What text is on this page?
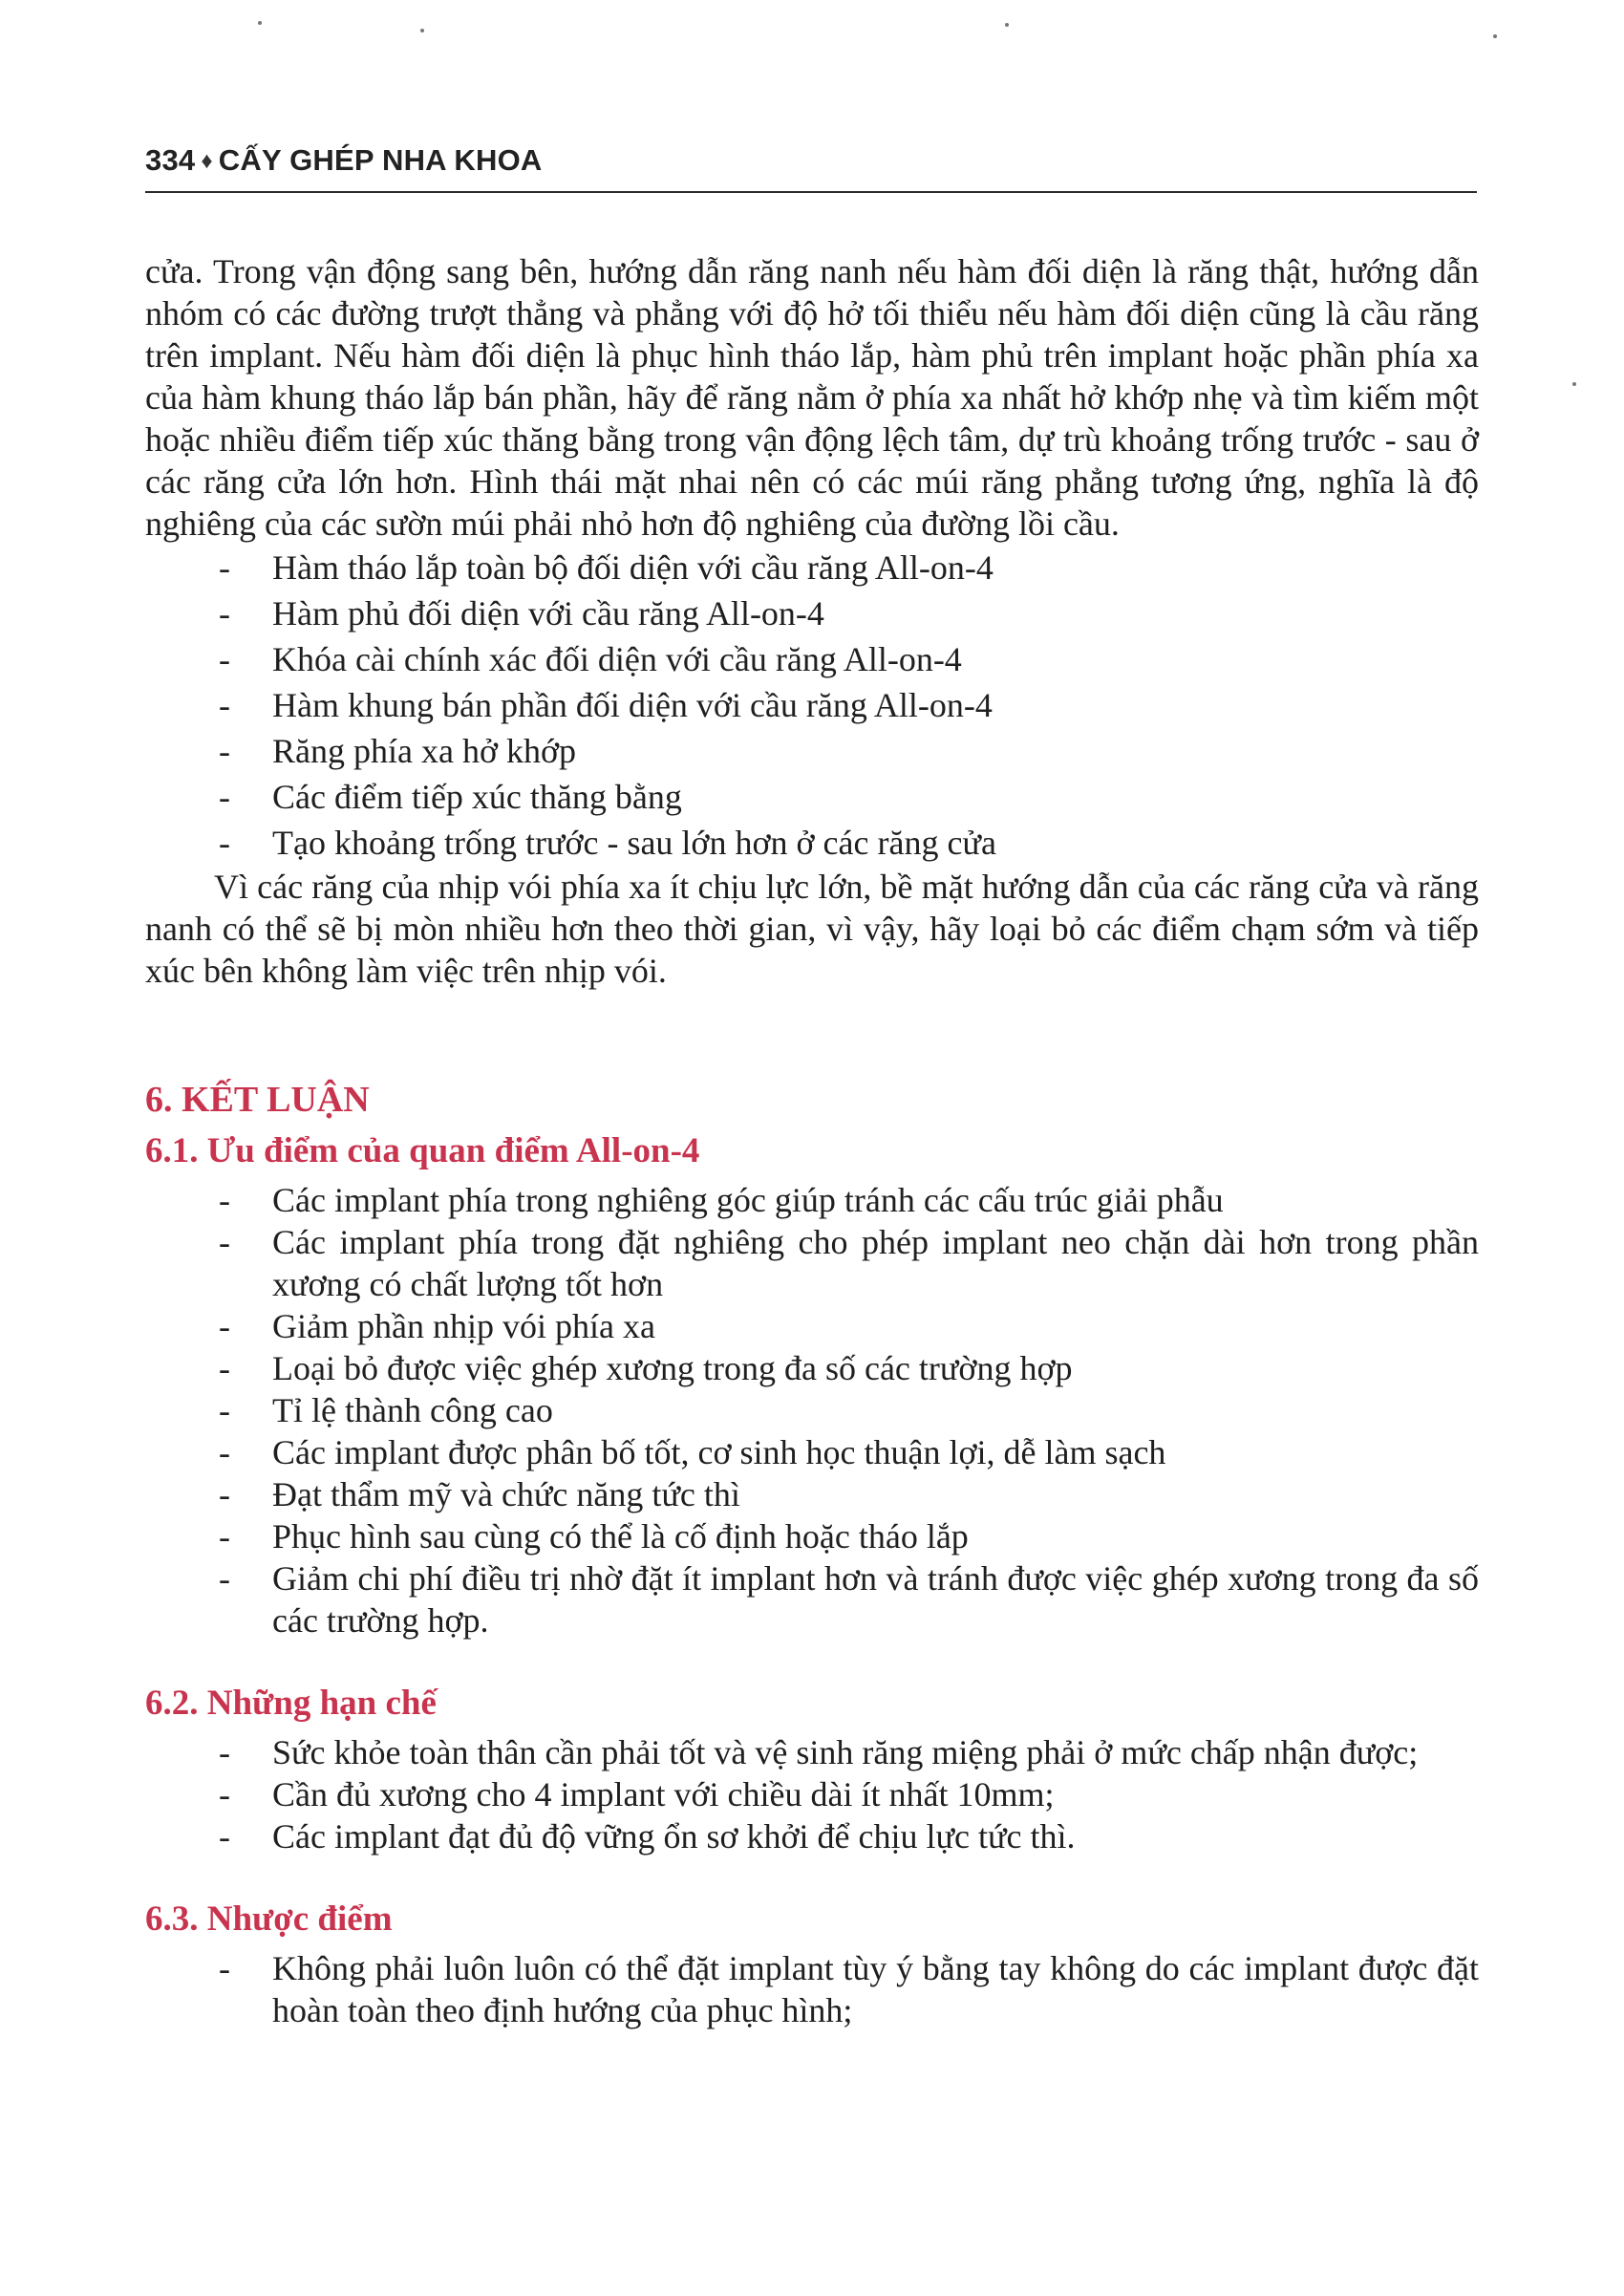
334 ♦ CẤY GHÉP NHA KHOA

cửa. Trong vận động sang bên, hướng dẫn răng nanh nếu hàm đối diện là răng thật, hướng dẫn nhóm có các đường trượt thẳng và phẳng với độ hở tối thiểu nếu hàm đối diện cũng là cầu răng trên implant. Nếu hàm đối diện là phục hình tháo lắp, hàm phủ trên implant hoặc phần phía xa của hàm khung tháo lắp bán phần, hãy để răng nằm ở phía xa nhất hở khớp nhẹ và tìm kiếm một hoặc nhiều điểm tiếp xúc thăng bằng trong vận động lệch tâm, dự trù khoảng trống trước - sau ở các răng cửa lớn hơn. Hình thái mặt nhai nên có các múi răng phẳng tương ứng, nghĩa là độ nghiêng của các sườn múi phải nhỏ hơn độ nghiêng của đường lồi cầu.

- Hàm tháo lắp toàn bộ đối diện với cầu răng All-on-4
- Hàm phủ đối diện với cầu răng All-on-4
- Khóa cài chính xác đối diện với cầu răng All-on-4
- Hàm khung bán phần đối diện với cầu răng All-on-4
- Răng phía xa hở khớp
- Các điểm tiếp xúc thăng bằng
- Tạo khoảng trống trước - sau lớn hơn ở các răng cửa

Vì các răng của nhịp vói phía xa ít chịu lực lớn, bề mặt hướng dẫn của các răng cửa và răng nanh có thể sẽ bị mòn nhiều hơn theo thời gian, vì vậy, hãy loại bỏ các điểm chạm sớm và tiếp xúc bên không làm việc trên nhịp vói.

6. KẾT LUẬN
6.1. Ưu điểm của quan điểm All-on-4
- Các implant phía trong nghiêng góc giúp tránh các cấu trúc giải phẫu
- Các implant phía trong đặt nghiêng cho phép implant neo chặn dài hơn trong phần xương có chất lượng tốt hơn
- Giảm phần nhịp vói phía xa
- Loại bỏ được việc ghép xương trong đa số các trường hợp
- Tỉ lệ thành công cao
- Các implant được phân bố tốt, cơ sinh học thuận lợi, dễ làm sạch
- Đạt thẩm mỹ và chức năng tức thì
- Phục hình sau cùng có thể là cố định hoặc tháo lắp
- Giảm chi phí điều trị nhờ đặt ít implant hơn và tránh được việc ghép xương trong đa số các trường hợp.
6.2. Những hạn chế
- Sức khỏe toàn thân cần phải tốt và vệ sinh răng miệng phải ở mức chấp nhận được;
- Cần đủ xương cho 4 implant với chiều dài ít nhất 10mm;
- Các implant đạt đủ độ vững ổn sơ khởi để chịu lực tức thì.
6.3. Nhược điểm
- Không phải luôn luôn có thể đặt implant tùy ý bằng tay không do các implant được đặt hoàn toàn theo định hướng của phục hình;
